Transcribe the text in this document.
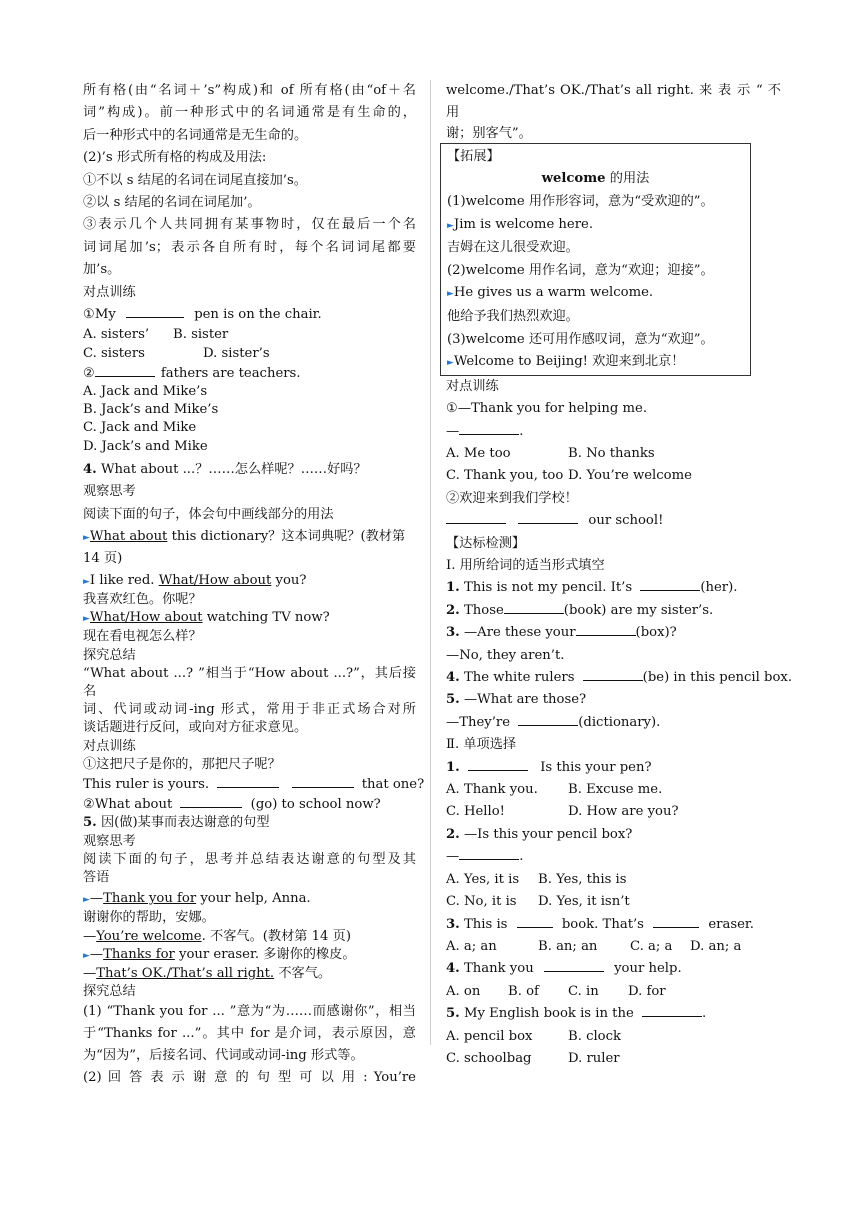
所有格(由“名词＋’s”构成)和 of 所有格(由“of＋名
词”构成)。前一种形式中的名词通常是有生命的，
后一种形式中的名词通常是无生命的。
(2)’s 形式所有格的构成及用法:
①不以 s 结尾的名词在词尾直接加’s。
②以 s 结尾的名词在词尾加’。
③表示几个人共同拥有某事物时，仅在最后一个名
词词尾加’s；表示各自所有时，每个名词词尾都要
加’s。
对点训练
①My	pen is on the chair.
A. sisters’ B. sister
C. sisters	D. sister’s
②	fathers are teachers.
A. Jack and Mike’s
B. Jack’s and Mike’s
C. Jack and Mike
D. Jack’s and Mike
4. What about ...？……怎么样呢？……好吗？
观察思考
阅读下面的句子，体会句中画线部分的用法
►What about this dictionary？这本词典呢？(教材第
14 页)
►I like red. What/How about you?
我喜欢红色。你呢？
►What/How about watching TV now?
现在看电视怎么样？
探究总结
“What about ...? ”相当于“How about ...?”，其后接名
词、代词或动词-ing 形式，常用于非正式场合对所
谈话题进行反问，或向对方征求意见。
对点训练
①这把尺子是你的，那把尺子呢？
This ruler is yours.	that one?
②What about	(go) to school now?
5. 因(做)某事而表达谢意的句型
观察思考
阅读下面的句子，思考并总结表达谢意的句型及其
答语
►—Thank you for your help, Anna.
谢谢你的帮助，安娜。
—You’re welcome. 不客气。(教材第 14 页)
►—Thanks for your eraser. 多谢你的橡皮。
—That’s OK./That’s all right. 不客气。
探究总结
(1) “Thank you for ... ”意为“为……而感谢你”，相当
于“Thanks for ...”。其中 for 是介词，表示原因，意
为“因为”，后接名词、代词或动词-ing 形式等。
(2) 回 答 表 示 谢 意 的 句 型 可 以 用 : You’re
welcome./That’s OK./That’s all right. 来 表 示 “ 不 用
谢；别客气”。
【拓展】
welcome 的用法
(1)welcome 用作形容词，意为“受欢迎的”。
►Jim is welcome here.
吉姆在这儿很受欢迎。
(2)welcome 用作名词，意为“欢迎；迎接”。
►He gives us a warm welcome.
他给予我们热烈欢迎。
(3)welcome 还可用作感叹词，意为“欢迎”。
►Welcome to Beijing! 欢迎来到北京！
对点训练
①—Thank you for helping me.
—	.
A. Me too	B. No thanks
C. Thank you, too D. You’re welcome
②欢迎来到我们学校！
our school!
【达标检测】
Ⅰ. 用所给词的适当形式填空
1. This is not my pencil. It’s	(her).
2. Those	(book) are my sister’s.
3. —Are these your	(box)?
—No, they aren’t.
4. The white rulers	(be) in this pencil box.
5. —What are those?
—They’re	(dictionary).
Ⅱ. 单项选择
1.	Is this your pen?
A. Thank you. B. Excuse me.
C. Hello!	D. How are you?
2. —Is this your pencil box?
—	.
A. Yes, it is B. Yes, this is
C. No, it is D. Yes, it isn’t
3. This is	book. That’s	eraser.
A. a; an	B. an; an C. a; a D. an; a
4. Thank you	your help.
A. on B. of C. in D. for
5. My English book is in the	.
A. pencil box	B. clock
C. schoolbag	D. ruler
